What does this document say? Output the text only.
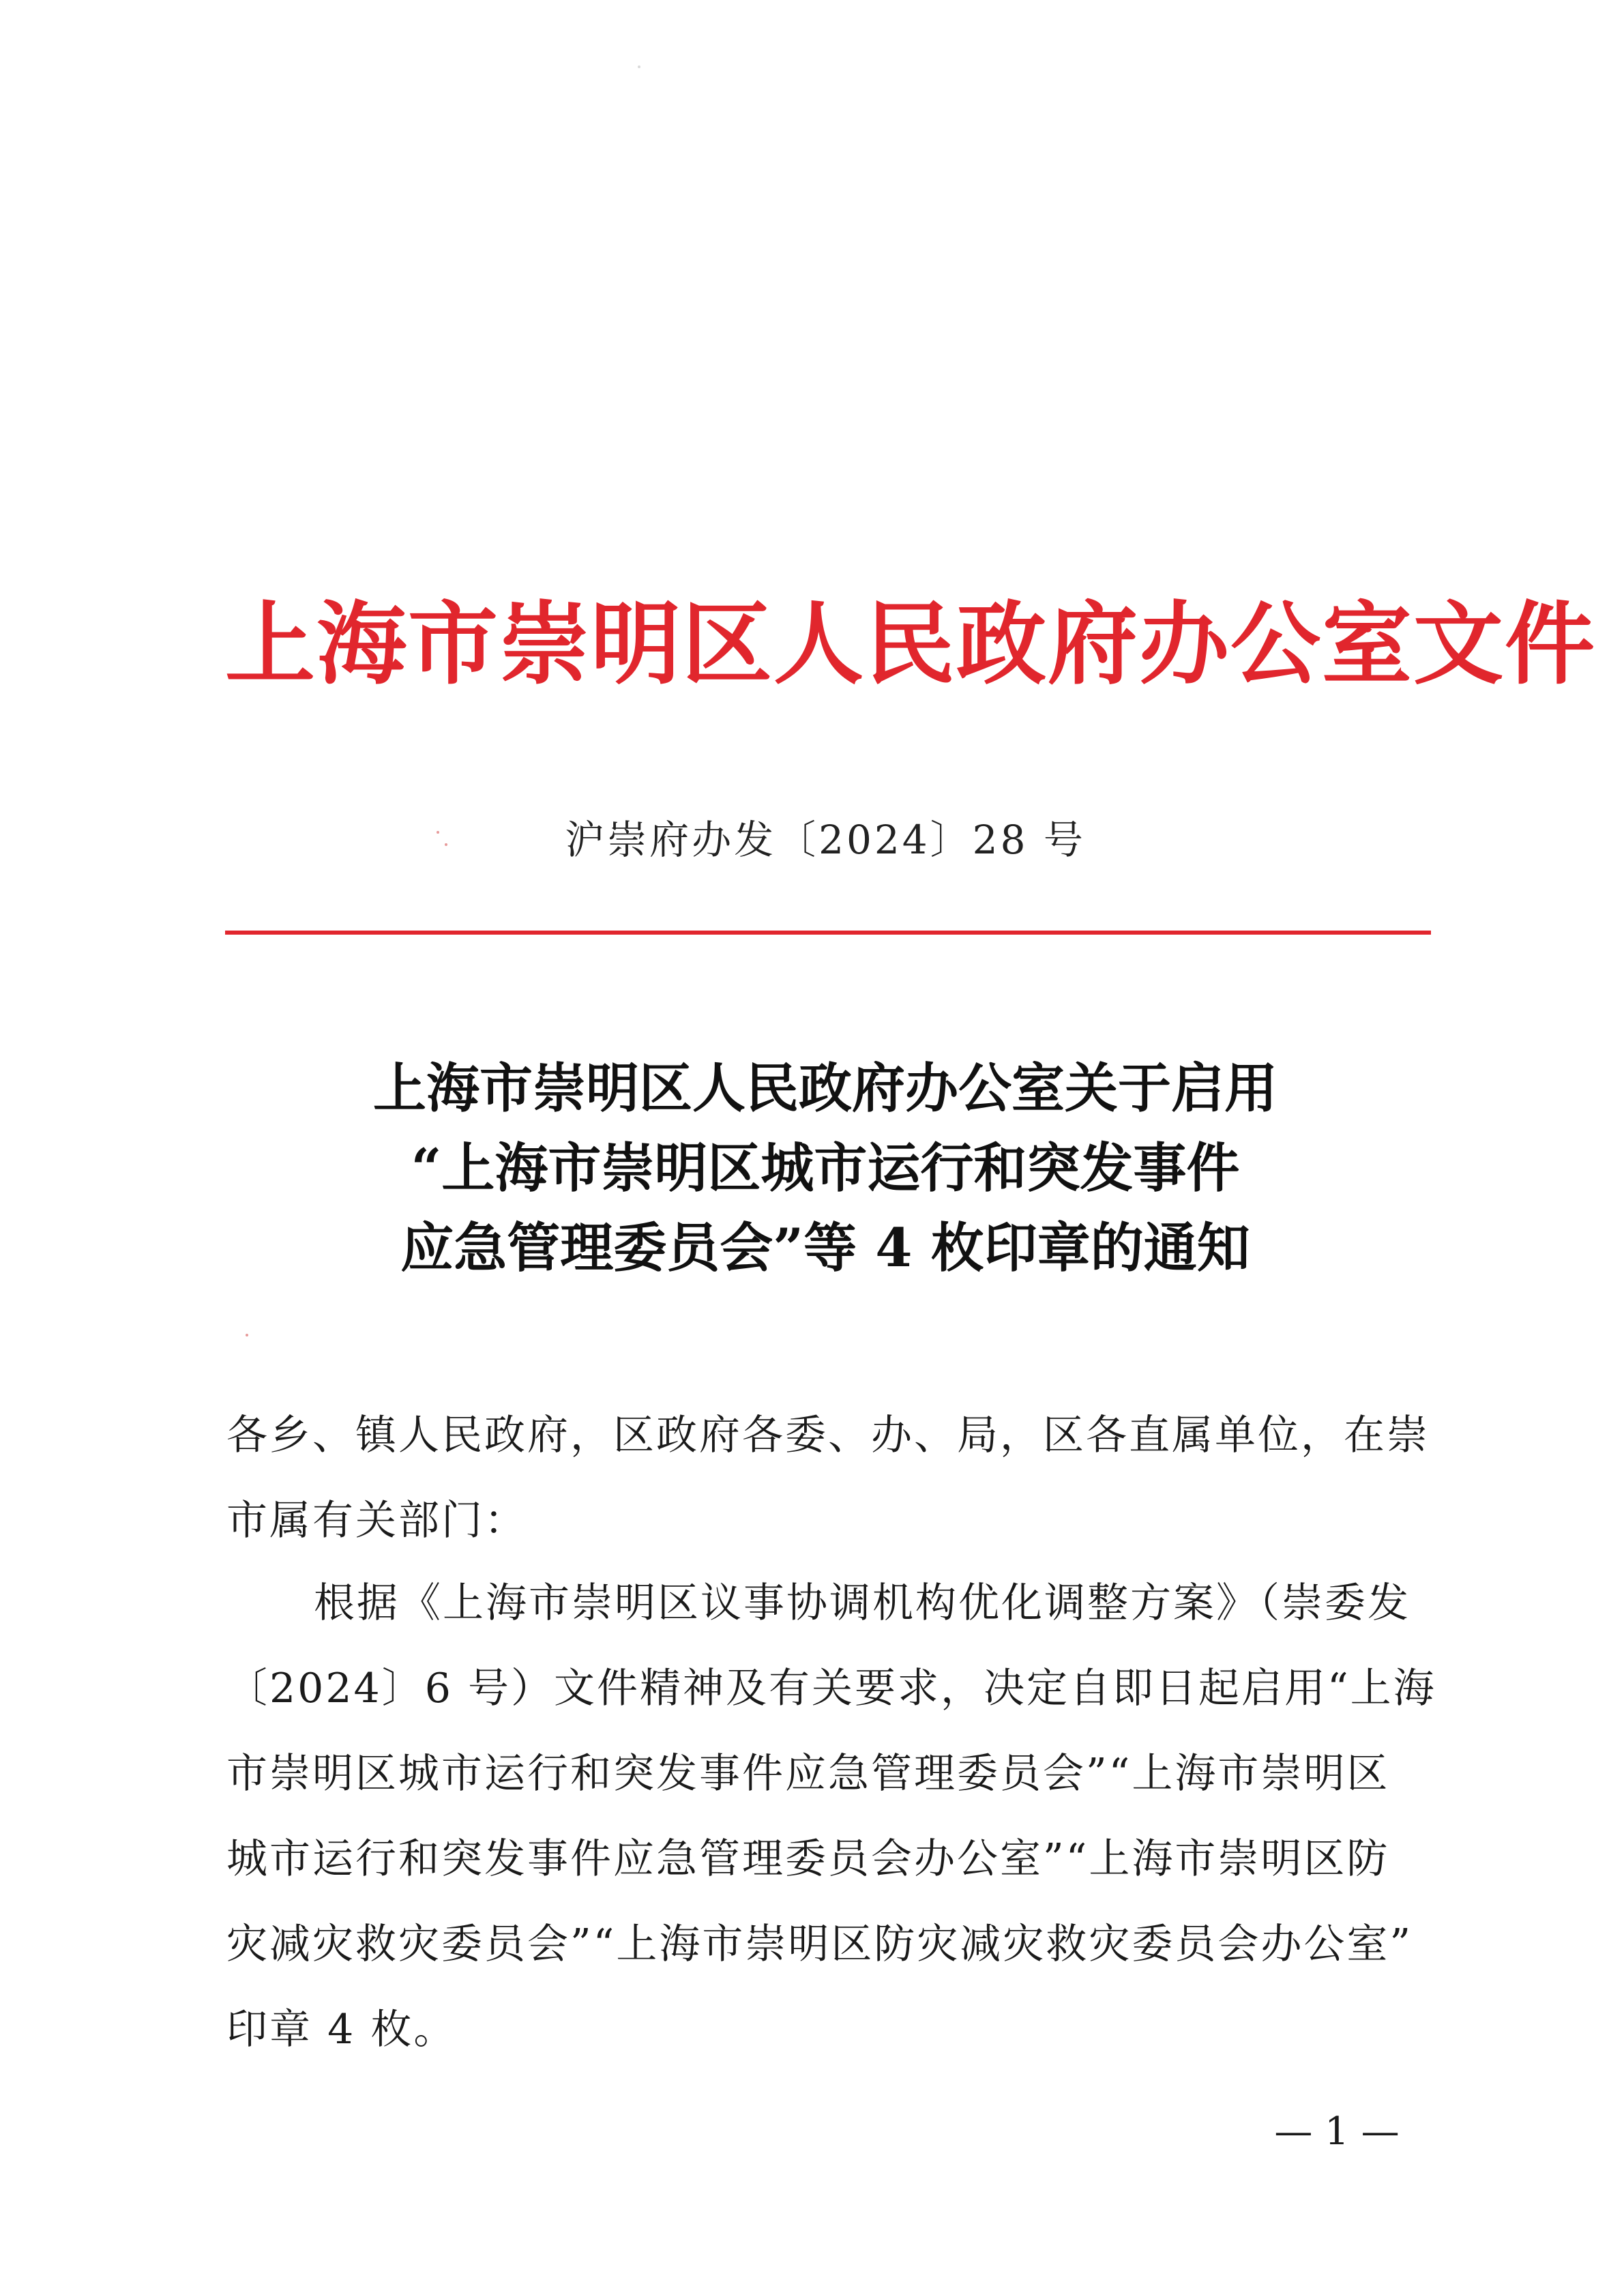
上海市崇明区人民政府办公室文件
沪崇府办发〔2024〕28 号
上海市崇明区人民政府办公室关于启用
“上海市崇明区城市运行和突发事件
应急管理委员会”等 4 枚印章的通知
各乡、镇人民政府，区政府各委、办、局，区各直属单位，在崇
市属有关部门：
根据《上海市崇明区议事协调机构优化调整方案》（崇委发
〔2024〕6 号）文件精神及有关要求，决定自即日起启用“上海
市崇明区城市运行和突发事件应急管理委员会”“上海市崇明区
城市运行和突发事件应急管理委员会办公室”“上海市崇明区防
灾减灾救灾委员会”“上海市崇明区防灾减灾救灾委员会办公室”
印章 4 枚。
— 1 —
